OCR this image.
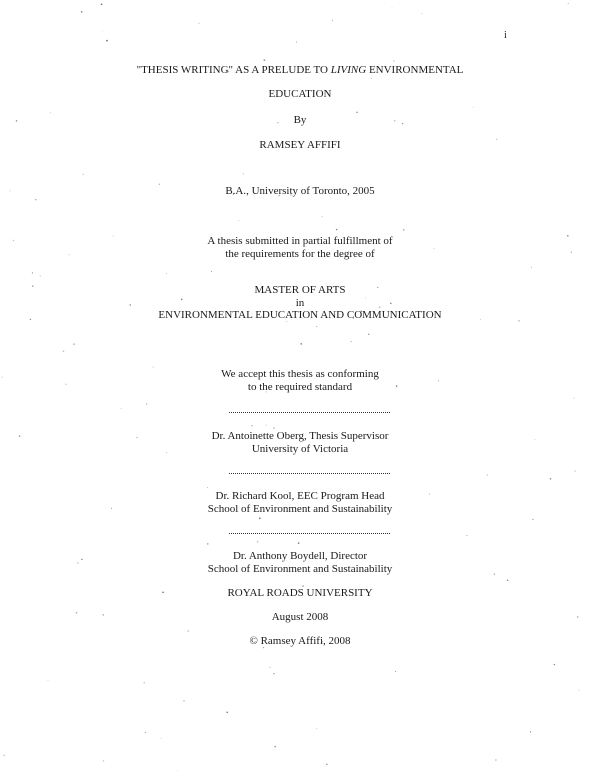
i
"THESIS WRITING" AS A PRELUDE TO LIVING ENVIRONMENTAL
EDUCATION
By
RAMSEY AFFIFI
B.A., University of Toronto, 2005
A thesis submitted in partial fulfillment of
the requirements for the degree of
MASTER OF ARTS
in
ENVIRONMENTAL EDUCATION AND COMMUNICATION
We accept this thesis as conforming
to the required standard
Dr. Antoinette Oberg, Thesis Supervisor
University of Victoria
Dr. Richard Kool, EEC Program Head
School of Environment and Sustainability
Dr. Anthony Boydell, Director
School of Environment and Sustainability
ROYAL ROADS UNIVERSITY
August 2008
© Ramsey Affifi, 2008
